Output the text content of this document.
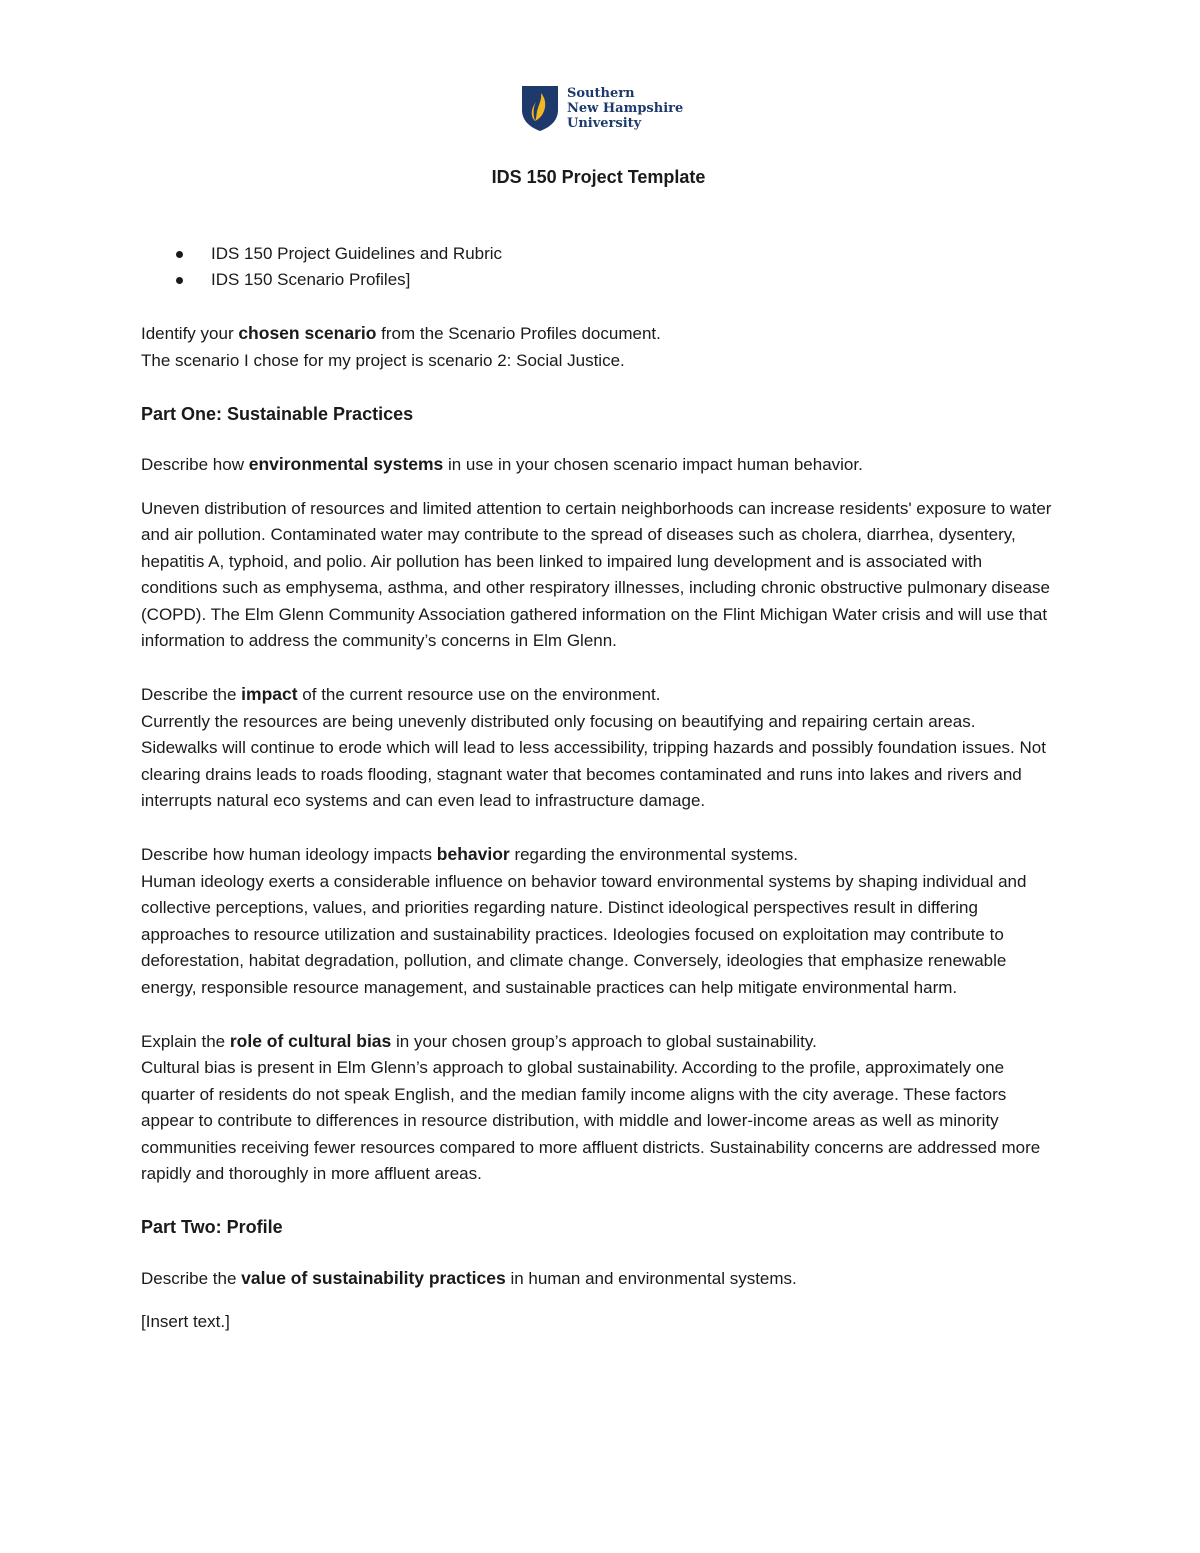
Southern
New Hampshire
University

IDS 150 Project Template

IDS 150 Project Guidelines and Rubric
IDS 150 Scenario Profiles]

Identify your chosen scenario from the Scenario Profiles document.

The scenario I chose for my project is scenario 2: Social Justice.

Part One: Sustainable Practices

Describe how environmental systems in use in your chosen scenario impact human behavior.

Uneven distribution of resources and limited attention to certain neighborhoods can increase residents' exposure to water and air pollution. Contaminated water may contribute to the spread of diseases such as cholera, diarrhea, dysentery, hepatitis A, typhoid, and polio. Air pollution has been linked to impaired lung development and is associated with conditions such as emphysema, asthma, and other respiratory illnesses, including chronic obstructive pulmonary disease (COPD). The Elm Glenn Community Association gathered information on the Flint Michigan Water crisis and will use that information to address the community’s concerns in Elm Glenn.

Describe the impact of the current resource use on the environment.

Currently the resources are being unevenly distributed only focusing on beautifying and repairing certain areas. Sidewalks will continue to erode which will lead to less accessibility, tripping hazards and possibly foundation issues. Not clearing drains leads to roads flooding, stagnant water that becomes contaminated and runs into lakes and rivers and interrupts natural eco systems and can even lead to infrastructure damage.

Describe how human ideology impacts behavior regarding the environmental systems.

Human ideology exerts a considerable influence on behavior toward environmental systems by shaping individual and collective perceptions, values, and priorities regarding nature. Distinct ideological perspectives result in differing approaches to resource utilization and sustainability practices. Ideologies focused on exploitation may contribute to deforestation, habitat degradation, pollution, and climate change. Conversely, ideologies that emphasize renewable energy, responsible resource management, and sustainable practices can help mitigate environmental harm.

Explain the role of cultural bias in your chosen group’s approach to global sustainability.

Cultural bias is present in Elm Glenn’s approach to global sustainability. According to the profile, approximately one quarter of residents do not speak English, and the median family income aligns with the city average. These factors appear to contribute to differences in resource distribution, with middle and lower-income areas as well as minority communities receiving fewer resources compared to more affluent districts. Sustainability concerns are addressed more rapidly and thoroughly in more affluent areas.

Part Two: Profile

Describe the value of sustainability practices in human and environmental systems.

[Insert text.]
